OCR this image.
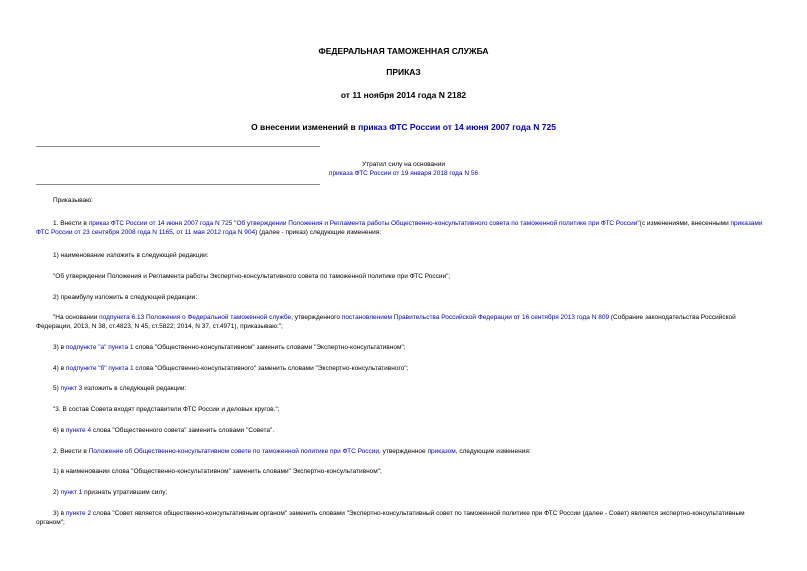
ФЕДЕРАЛЬНАЯ ТАМОЖЕННАЯ СЛУЖБА
ПРИКАЗ
от 11 ноября 2014 года N 2182
О внесении изменений в приказ ФТС России от 14 июня 2007 года N 725
Утратил силу на основании
приказа ФТС России от 19 января 2018 года N 56
Приказываю:
1. Внести в приказ ФТС России от 14 июня 2007 года N 725 "Об утверждении Положения и Регламента работы Общественно-консультативного совета по таможенной политике при ФТС России"(с изменениями, внесенными приказами ФТС России от 23 сентября 2008 года N 1165, от 11 мая 2012 года N 904) (далее - приказ) следующие изменения:
1) наименование изложить в следующей редакции:
"Об утверждении Положения и Регламента работы Экспертно-консультативного совета по таможенной политике при ФТС России";
2) преамбулу изложить в следующей редакции:
"На основании подпункта 6.13 Положения о Федеральной таможенной службе, утвержденного постановлением Правительства Российской Федерации от 16 сентября 2013 года N 809 (Собрание законодательства Российской Федерации, 2013, N 38, ст.4823, N 45, ст.5822; 2014, N 37, ст.4971), приказываю:";
3) в подпункте "а" пункта 1 слова "Общественно-консультативном" заменить словами "Экспертно-консультативном";
4) в подпункте "б" пункта 1 слова "Общественно-консультативного" заменить словами "Экспертно-консультативного";
5) пункт 3 изложить в следующей редакции:
"3. В состав Совета входят представители ФТС России и деловых кругов.";
6) в пункте 4 слова "Общественного совета" заменить словами "Совета".
2. Внести в Положение об Общественно-консультативном совете по таможенной политике при ФТС России, утвержденное приказом, следующие изменения:
1) в наименовании слова "Общественно-консультативном" заменить словами" Экспертно-консультативном";
2) пункт 1 признать утратившим силу;
3) в пункте 2 слова "Совет является общественно-консультативным органом" заменить словами "Экспертно-консультативный совет по таможенной политике при ФТС России (далее - Совет) является экспертно-консультативным органом";
